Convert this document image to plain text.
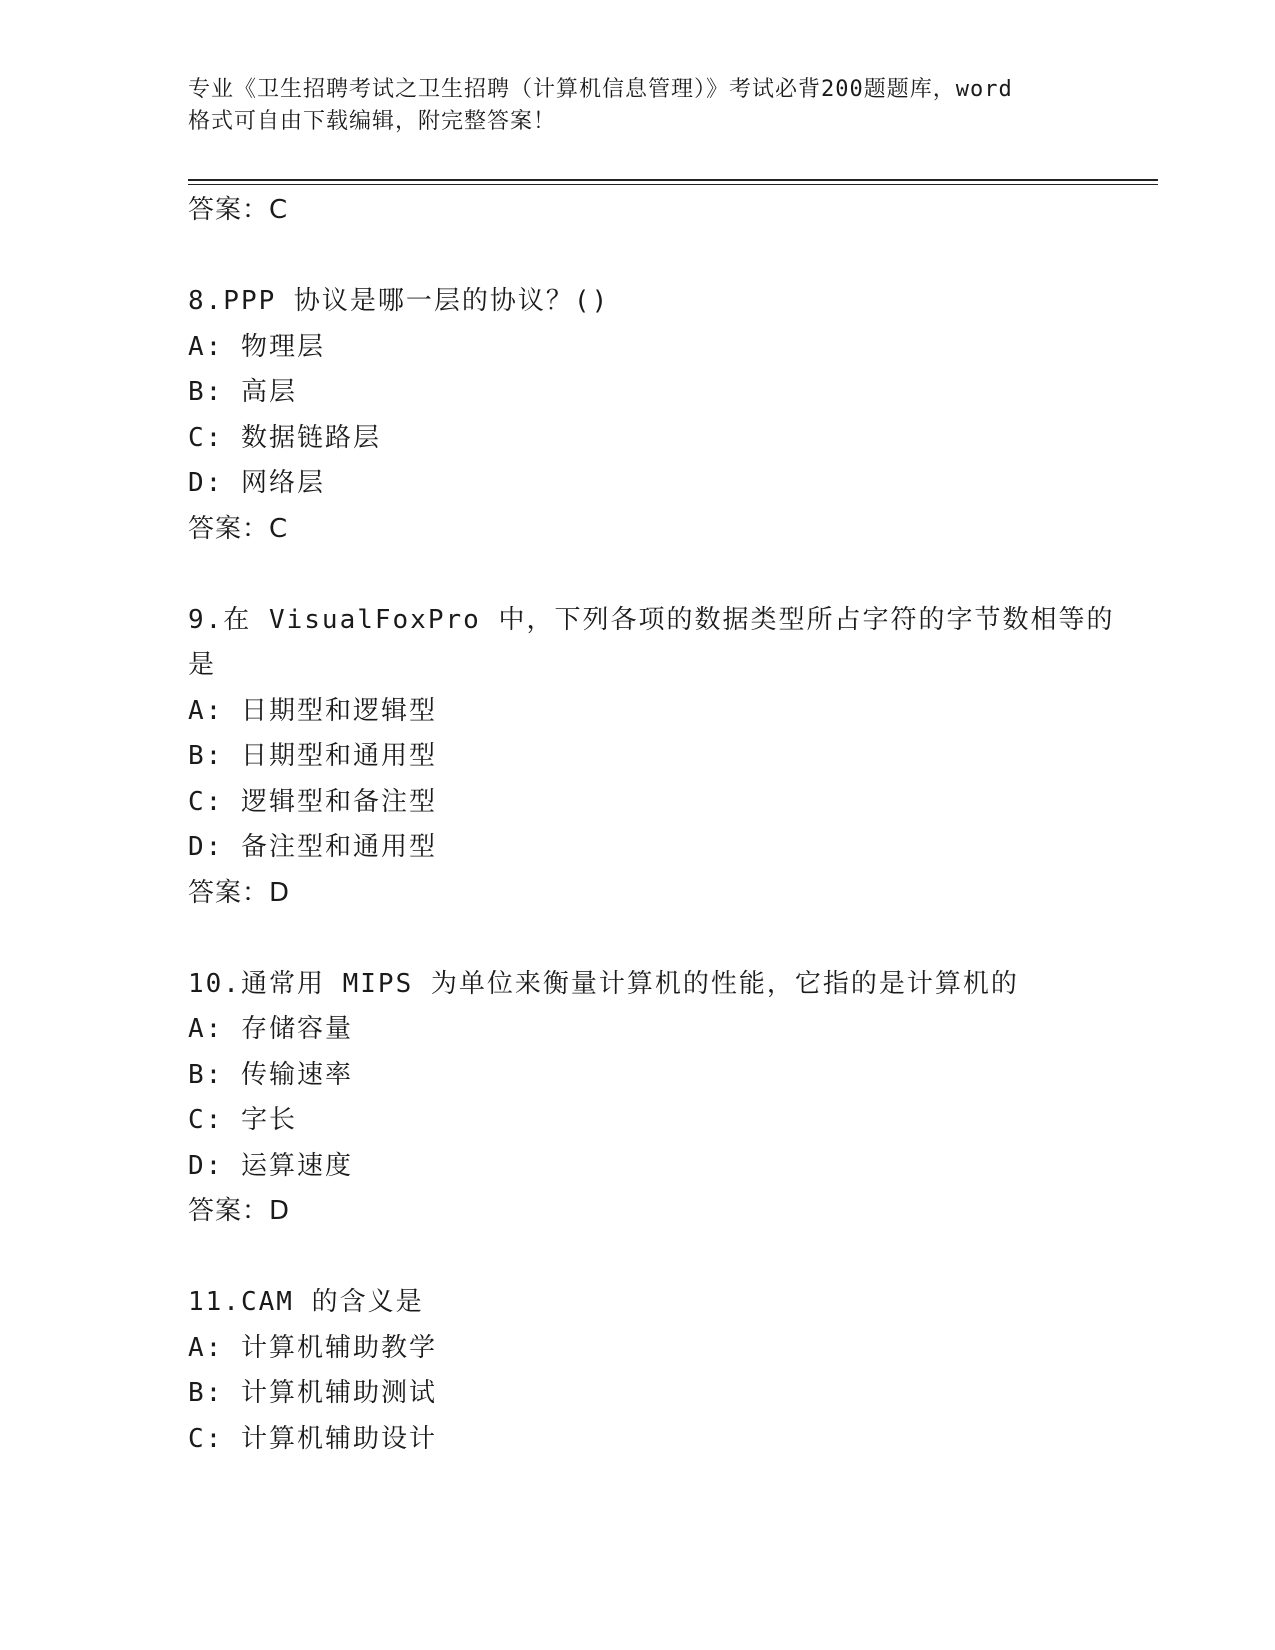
专业《卫生招聘考试之卫生招聘（计算机信息管理）》考试必背200题题库，word
格式可自由下载编辑，附完整答案！
答案：C
8.PPP 协议是哪一层的协议？()
A: 物理层
B: 高层
C: 数据链路层
D: 网络层
答案：C
9.在 VisualFoxPro 中，下列各项的数据类型所占字符的字节数相等的
是
A: 日期型和逻辑型
B: 日期型和通用型
C: 逻辑型和备注型
D: 备注型和通用型
答案：D
10.通常用 MIPS 为单位来衡量计算机的性能，它指的是计算机的
A: 存储容量
B: 传输速率
C: 字长
D: 运算速度
答案：D
11.CAM 的含义是
A: 计算机辅助教学
B: 计算机辅助测试
C: 计算机辅助设计
